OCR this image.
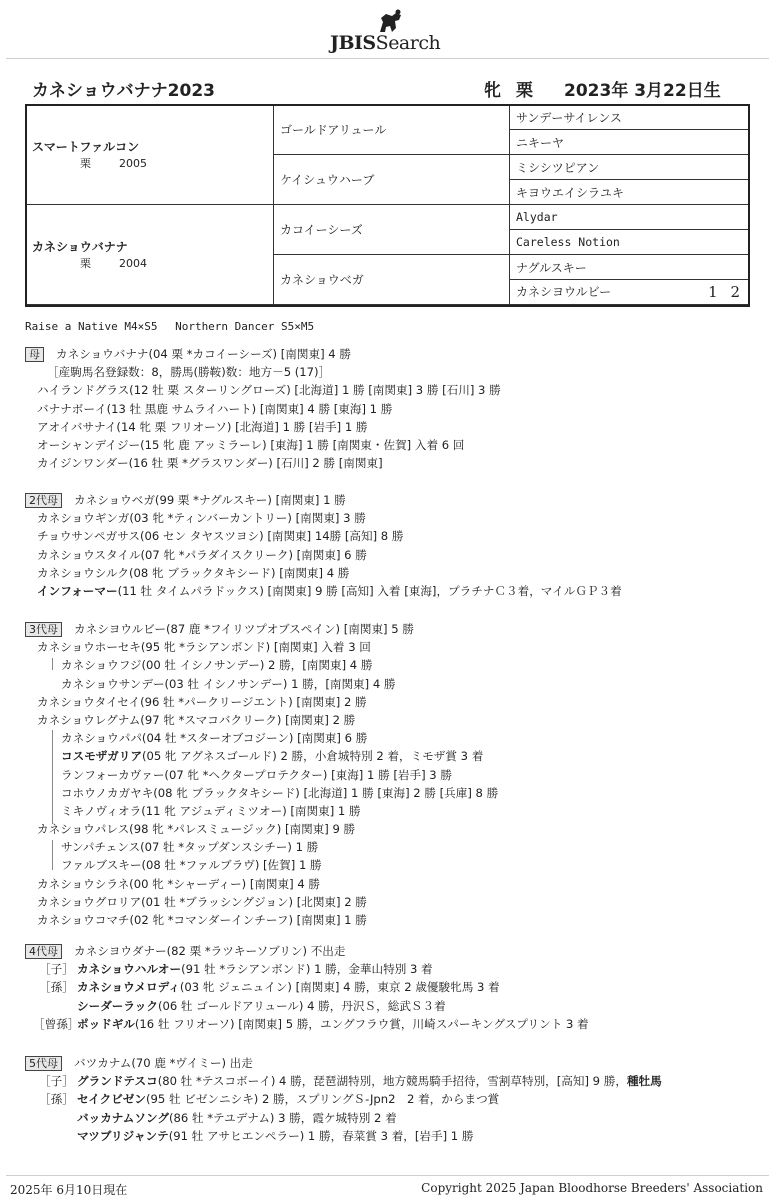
JBISSearch
カネショウバナナ2023	牝 栗 2023年 3月22日生
スマートファルコン
栗 2005	ゴールドアリュール	サンデーサイレンス
		ニキーヤ
	ケイシュウハーブ	ミシシツピアン
		キヨウエイシラユキ

カネショウバナナ
栗 2004	カコイーシーズ	Alydar
		Careless Notion
	カネショウベガ	ナグルスキー
		カネシヨウルビー 1 2
Raise a Native M4×S5　 Northern Dancer S5×M5
母 カネショウバナナ(04 栗 *カコイーシーズ) [南関東] 4 勝
［産駒馬名登録数：8，勝馬(勝鞍)数：地方－5 (17)］
ハイランドグラス(12 牡 栗 スターリングローズ) [北海道] 1 勝 [南関東] 3 勝 [石川] 3 勝
バナナボーイ(13 牡 黒鹿 サムライハート) [南関東] 4 勝 [東海] 1 勝
アオイバサナイ(14 牝 栗 フリオーソ) [北海道] 1 勝 [岩手] 1 勝
オーシャンデイジー(15 牝 鹿 アッミラーレ) [東海] 1 勝 [南関東・佐賀] 入着 6 回
カイジンワンダー(16 牡 栗 *グラスワンダー) [石川] 2 勝 [南関東]
2代母 カネショウベガ(99 栗 *ナグルスキー) [南関東] 1 勝
カネショウギンガ(03 牝 *ティンバーカントリー) [南関東] 3 勝
チョウサンペガサス(06 セン タヤスツヨシ) [南関東] 14勝 [高知] 8 勝
カネショウスタイル(07 牝 *パラダイスクリーク) [南関東] 6 勝
カネショウシルク(08 牝 ブラックタキシード) [南関東] 4 勝
インフォーマー(11 牡 タイムパラドックス) [南関東] 9 勝 [高知] 入着 [東海]，プラチナＣ３着，マイルＧＰ３着
3代母 カネシヨウルビー(87 鹿 *フイリツプオブスペイン) [南関東] 5 勝
カネショウホーセキ(95 牝 *ラシアンボンド) [南関東] 入着 3 回
カネショウフジ(00 牡 イシノサンデー) 2 勝，[南関東] 4 勝
カネショウサンデー(03 牡 イシノサンデー) 1 勝，[南関東] 4 勝
カネショウタイセイ(96 牡 *パークリージエント) [南関東] 2 勝
カネショウレグナム(97 牝 *スマコバクリーク) [南関東] 2 勝
カネショウパパ(04 牡 *スターオブコジーン) [南関東] 6 勝
コスモザガリア(05 牝 アグネスゴールド) 2 勝，小倉城特別 2 着，ミモザ賞 3 着
ランフォーカヴァー(07 牝 *ヘクタープロテクター) [東海] 1 勝 [岩手] 3 勝
コホウノカガヤキ(08 牝 ブラックタキシード) [北海道] 1 勝 [東海] 2 勝 [兵庫] 8 勝
ミキノヴィオラ(11 牝 アジュディミツオー) [南関東] 1 勝
カネショウパレス(98 牝 *パレスミュージック) [南関東] 9 勝
サンパチェンス(07 牡 *タップダンスシチー) 1 勝
ファルブスキー(08 牡 *ファルブラヴ) [佐賀] 1 勝
カネショウシラネ(00 牝 *シャーディー) [南関東] 4 勝
カネショウグロリア(01 牡 *ブラッシングジョン) [北関東] 2 勝
カネショウコマチ(02 牝 *コマンダーインチーフ) [南関東] 1 勝
4代母 カネシヨウダナー(82 栗 *ラツキーソブリン) 不出走
［子］ カネショウハルオー(91 牡 *ラシアンボンド) 1 勝，金華山特別 3 着
［孫］ カネショウメロディ(03 牝 ジェニュイン) [南関東] 4 勝，東京 2 歳優駿牝馬 3 着
シーダーラック(06 牡 ゴールドアリュール) 4 勝，丹沢Ｓ，総武Ｓ３着
［曾孫］ポッドギル(16 牡 フリオーソ) [南関東] 5 勝，ユングフラウ賞，川崎スパーキングスプリント 3 着
5代母 バツカナム(70 鹿 *ヴイミー) 出走
［子］ グランドテスコ(80 牡 *テスコボーイ) 4 勝，琵琶湖特別，地方競馬騎手招待，雪割草特別，[高知] 9 勝，種牡馬
［孫］ セイクビゼン(95 牡 ビゼンニシキ) 2 勝，スプリングＳ-Jpn2　2 着，からまつ賞
バッカナムソング(86 牡 *テユデナム) 3 勝，霞ケ城特別 2 着
マツブリジャンテ(91 牡 アサヒエンペラー) 1 勝，春菜賞 3 着，[岩手] 1 勝
2025年 6月10日現在	Copyright 2025 Japan Bloodhorse Breeders' Association
